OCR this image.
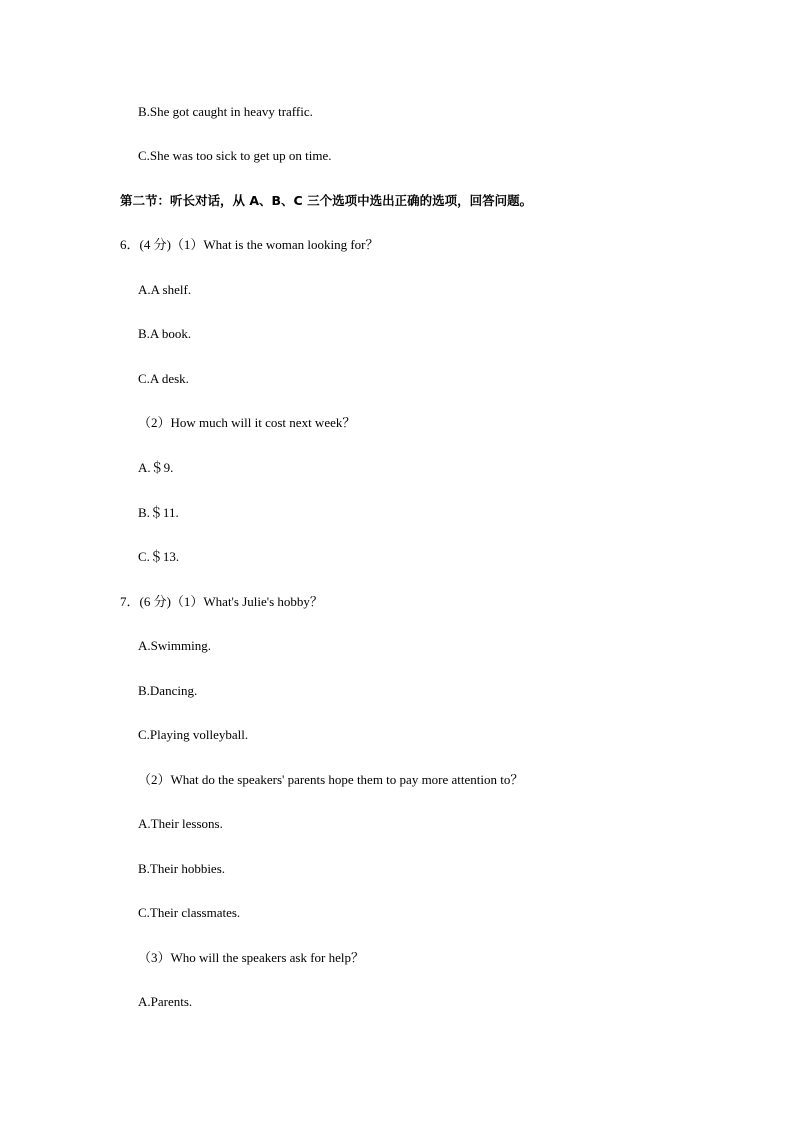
B.She got caught in heavy traffic.
C.She was too sick to get up on time.
第二节：听长对话，从 A、B、C 三个选项中选出正确的选项，回答问题。
6．(4 分)（1）What is the woman looking for？
A.A shelf.
B.A book.
C.A desk.
（2）How much will it cost next week？
A.＄9.
B.＄11.
C.＄13.
7．(6 分)（1）What's Julie's hobby？
A.Swimming.
B.Dancing.
C.Playing volleyball.
（2）What do the speakers' parents hope them to pay more attention to？
A.Their lessons.
B.Their hobbies.
C.Their classmates.
（3）Who will the speakers ask for help？
A.Parents.
